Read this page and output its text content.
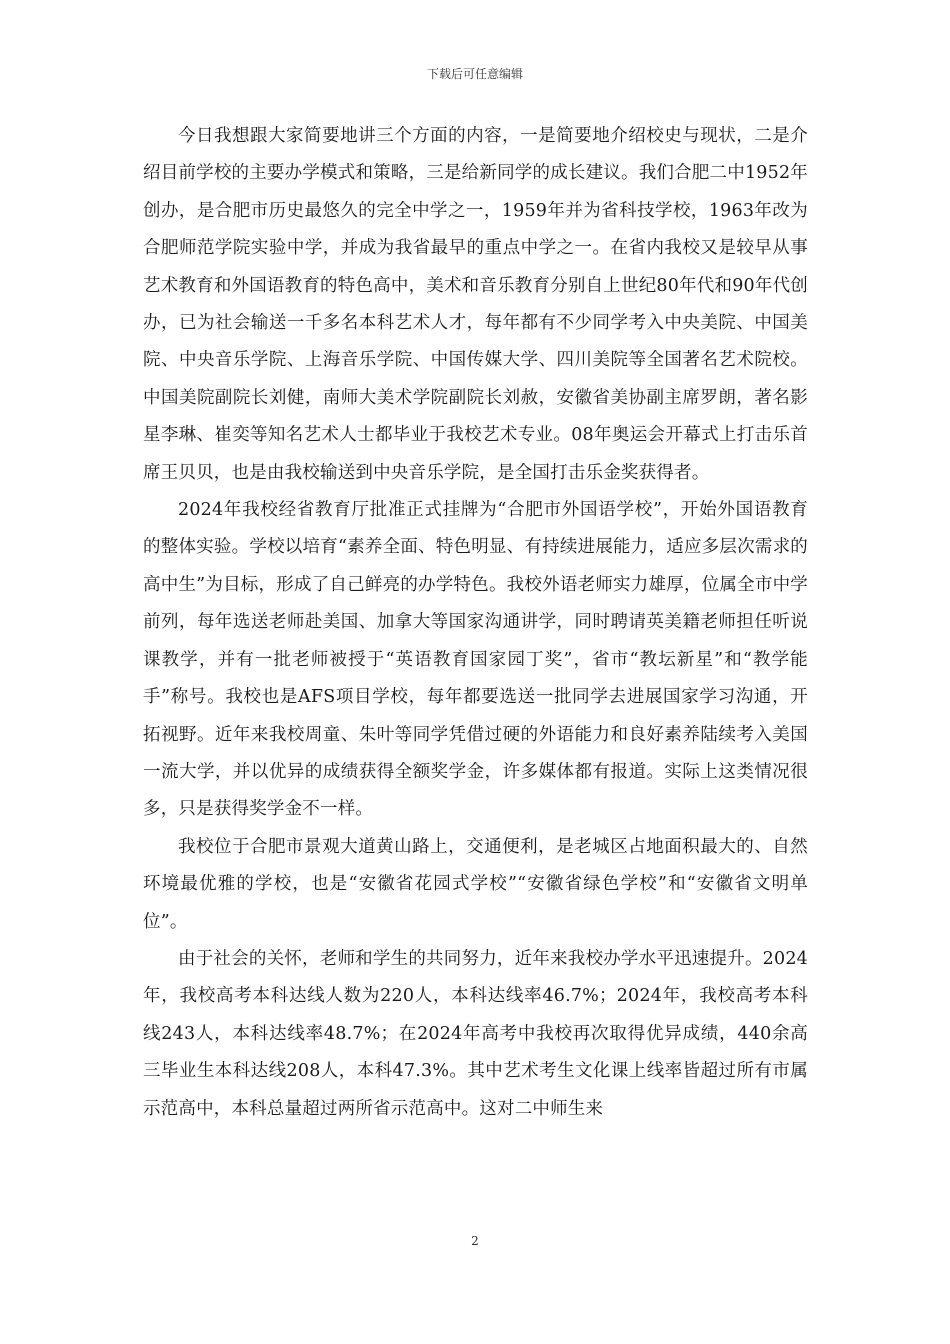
下载后可任意编辑

今日我想跟大家简要地讲三个方面的内容，一是简要地介绍校史与现状，二是介绍目前学校的主要办学模式和策略，三是给新同学的成长建议。我们合肥二中1952年创办，是合肥市历史最悠久的完全中学之一，1959年并为省科技学校，1963年改为合肥师范学院实验中学，并成为我省最早的重点中学之一。在省内我校又是较早从事艺术教育和外国语教育的特色高中，美术和音乐教育分别自上世纪80年代和90年代创办，已为社会输送一千多名本科艺术人才，每年都有不少同学考入中央美院、中国美院、中央音乐学院、上海音乐学院、中国传媒大学、四川美院等全国著名艺术院校。中国美院副院长刘健，南师大美术学院副院长刘赦，安徽省美协副主席罗朗，著名影星李琳、崔奕等知名艺术人士都毕业于我校艺术专业。08年奥运会开幕式上打击乐首席王贝贝，也是由我校输送到中央音乐学院，是全国打击乐金奖获得者。

2024年我校经省教育厅批准正式挂牌为“合肥市外国语学校”，开始外国语教育的整体实验。学校以培育“素养全面、特色明显、有持续进展能力，适应多层次需求的高中生”为目标，形成了自己鲜亮的办学特色。我校外语老师实力雄厚，位属全市中学前列，每年选送老师赴美国、加拿大等国家沟通讲学，同时聘请英美籍老师担任听说课教学，并有一批老师被授于“英语教育国家园丁奖”，省市“教坛新星”和“教学能手”称号。我校也是AFS项目学校，每年都要选送一批同学去进展国家学习沟通，开拓视野。近年来我校周童、朱叶等同学凭借过硬的外语能力和良好素养陆续考入美国一流大学，并以优异的成绩获得全额奖学金，许多媒体都有报道。实际上这类情况很多，只是获得奖学金不一样。

我校位于合肥市景观大道黄山路上，交通便利，是老城区占地面积最大的、自然环境最优雅的学校，也是“安徽省花园式学校”“安徽省绿色学校”和“安徽省文明单位”。

由于社会的关怀，老师和学生的共同努力，近年来我校办学水平迅速提升。2024年，我校高考本科达线人数为220人，本科达线率46.7%；2024年，我校高考本科线243人，本科达线率48.7%；在2024年高考中我校再次取得优异成绩，440余高三毕业生本科达线208人，本科47.3%。其中艺术考生文化课上线率皆超过所有市属示范高中，本科总量超过两所省示范高中。这对二中师生来

2
